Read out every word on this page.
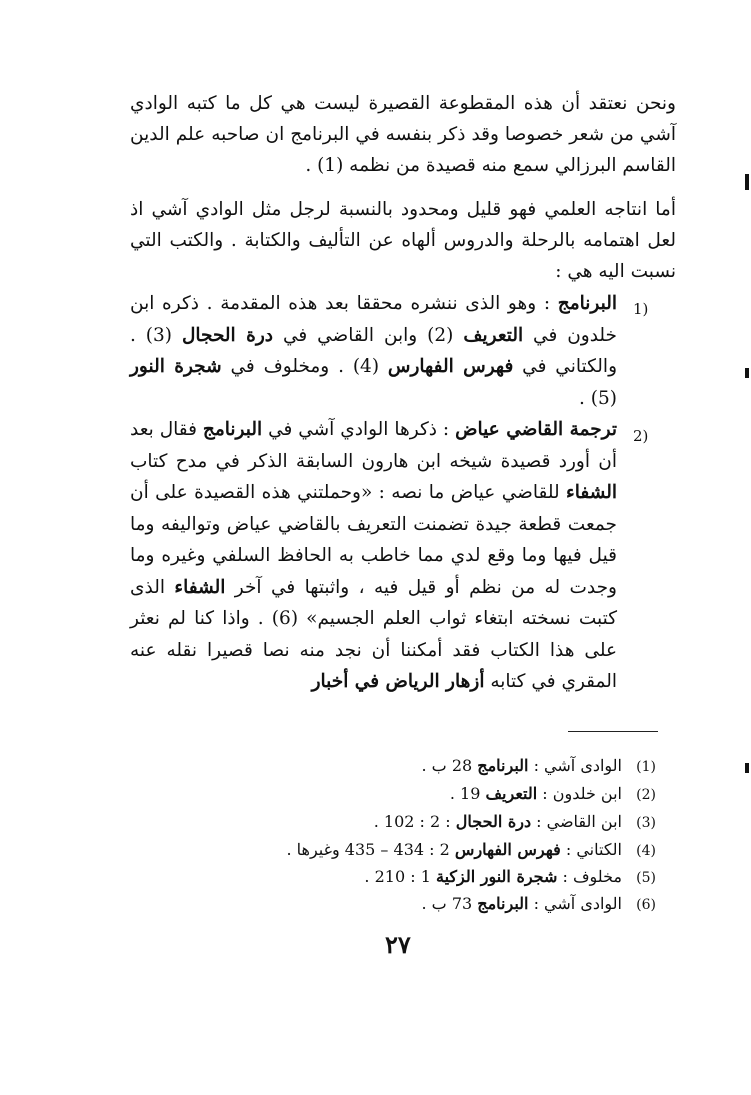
ونحن نعتقد أن هذه المقطوعة القصيرة ليست هي كل ما كتبه الوادي آشي من شعر خصوصا وقد ذكر بنفسه في البرنامج ان صاحبه علم الدين القاسم البرزالي سمع منه قصيدة من نظمه (1) .
أما انتاجه العلمي فهو قليل ومحدود بالنسبة لرجل مثل الوادي آشي اذ لعل اهتمامه بالرحلة والدروس ألهاه عن التأليف والكتابة . والكتب التي نسبت اليه هي :
1)
البرنامج : وهو الذى ننشره محققا بعد هذه المقدمة . ذكره ابن خلدون في التعريف (2) وابن القاضي في درة الحجال (3) . والكتاني في فهرس الفهارس (4) . ومخلوف في شجرة النور (5) .
2)
ترجمة القاضي عياض : ذكرها الوادي آشي في البرنامج فقال بعد أن أورد قصيدة شيخه ابن هارون السابقة الذكر في مدح كتاب الشفاء للقاضي عياض ما نصه : «وحملتني هذه القصيدة على أن جمعت قطعة جيدة تضمنت التعريف بالقاضي عياض وتواليفه وما قيل فيها وما وقع لدي مما خاطب به الحافظ السلفي وغيره وما وجدت له من نظم أو قيل فيه ، واثبتها في آخر الشفاء الذى كتبت نسخته ابتغاء ثواب العلم الجسيم» (6) . واذا كنا لم نعثر على هذا الكتاب فقد أمكننا أن نجد منه نصا قصيرا نقله عنه المقري في كتابه أزهار الرياض في أخبار
(1)الوادى آشي : البرنامج 28 ب .
(2)ابن خلدون : التعريف 19 .
(3)ابن القاضي : درة الحجال : 2 : 102 .
(4)الكتاني : فهرس الفهارس 2 : 434 – 435 وغيرها .
(5)مخلوف : شجرة النور الزكية 1 : 210 .
(6)الوادى آشي : البرنامج 73 ب .
٢٧
